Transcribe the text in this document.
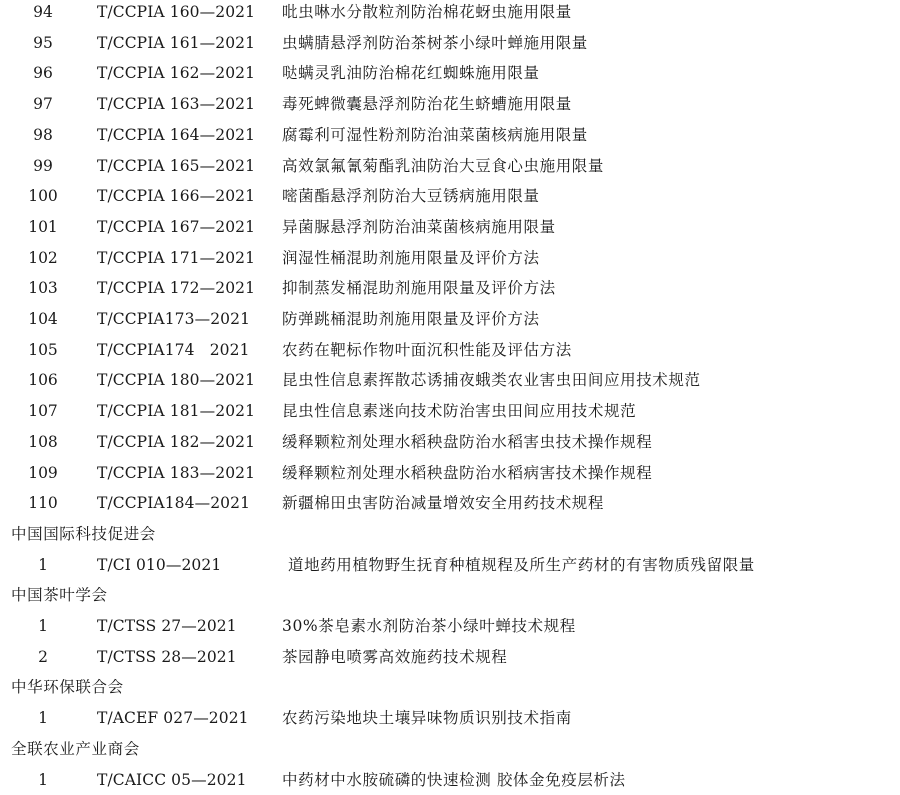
94	T/CCPIA 160—2021 吡虫啉水分散粒剂防治棉花蚜虫施用限量
95	T/CCPIA 161—2021 虫螨腈悬浮剂防治茶树茶小绿叶蝉施用限量
96	T/CCPIA 162—2021 哒螨灵乳油防治棉花红蜘蛛施用限量
97	T/CCPIA 163—2021 毒死蜱微囊悬浮剂防治花生蛴螬施用限量
98	T/CCPIA 164—2021 腐霉利可湿性粉剂防治油菜菌核病施用限量
99	T/CCPIA 165—2021 高效氯氟氰菊酯乳油防治大豆食心虫施用限量
100	T/CCPIA 166—2021 嘧菌酯悬浮剂防治大豆锈病施用限量
101	T/CCPIA 167—2021 异菌脲悬浮剂防治油菜菌核病施用限量
102	T/CCPIA 171—2021 润湿性桶混助剂施用限量及评价方法
103	T/CCPIA 172—2021 抑制蒸发桶混助剂施用限量及评价方法
104	T/CCPIA173—2021 防弹跳桶混助剂施用限量及评价方法
105	T/CCPIA174   2021 农药在靶标作物叶面沉积性能及评估方法
106	T/CCPIA 180—2021 昆虫性信息素挥散芯诱捕夜蛾类农业害虫田间应用技术规范
107	T/CCPIA 181—2021 昆虫性信息素迷向技术防治害虫田间应用技术规范
108	T/CCPIA 182—2021 缓释颗粒剂处理水稻秧盘防治水稻害虫技术操作规程
109	T/CCPIA 183—2021 缓释颗粒剂处理水稻秧盘防治水稻病害技术操作规程
110	T/CCPIA184—2021 新疆棉田虫害防治减量增效安全用药技术规程
中国国际科技促进会
1	T/CI 010—2021	道地药用植物野生抚育种植规程及所生产药材的有害物质残留限量
中国茶叶学会
1	T/CTSS 27—2021	30%茶皂素水剂防治茶小绿叶蝉技术规程
2	T/CTSS 28—2021	茶园静电喷雾高效施药技术规程
中华环保联合会
1	T/ACEF 027—2021 农药污染地块土壤异味物质识别技术指南
全联农业产业商会
1	T/CAICC 05—2021 中药材中水胺硫磷的快速检测 胶体金免疫层析法
